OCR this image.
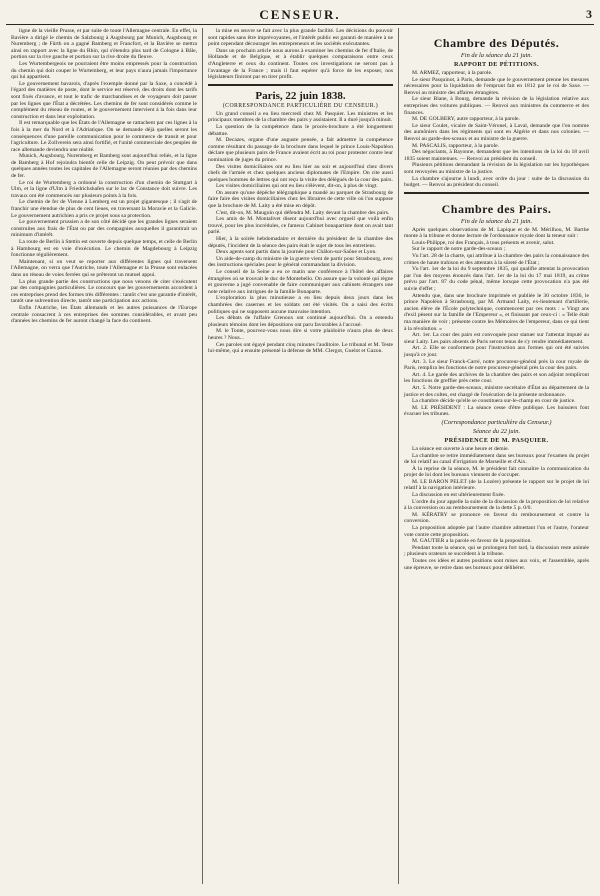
CENSEUR.	3

ligne de la vieille Prusse, et par suite de toute l'Allemagne centrale. En effet, la Bavière a dirigé le chemin de Salzbourg à Augsbourg par Munich, Augsbourg et Nuremberg ; de Fürth on a gagné Bamberg et Francfort, et la Bavière se mettra ainsi en rapport avec la ligne du Rhin, qui s'étendra plus tard de Cologne à Bâle, portion sur la rive gauche et portion sur la rive droite du fleuve.

Les Wurtembergeois ne pourraient être moins empressés pour la construction du chemin qui doit couper le Wurtemberg, et leur pays n'aura jamais l'importance qui lui appartient.

Le gouvernement bavarois, d'après l'exemple donné par la Saxe, a concédé à l'égard des matières de poste, dont le service est réservé, des droits dont les tarifs sont fixés d'avance, et tout le trafic de marchandises et de voyageurs doit passer par les lignes que l'État a décrétées. Les chemins de fer sont considérés comme le complément du réseau de routes, et le gouvernement intervient à la fois dans leur construction et dans leur exploitation.

Il est remarquable que les États de l'Allemagne se rattachent par ces lignes à la fois à la mer du Nord et à l'Adriatique. On se demande déjà quelles seront les conséquences d'une pareille communication pour le commerce de transit et pour l'agriculture. Le Zollverein sera ainsi fortifié, et l'unité commerciale des peuples de race allemande deviendra une réalité.

Munich, Augsbourg, Nuremberg et Bamberg sont aujourd'hui reliés, et la ligne de Bamberg à Hof rejoindra bientôt celle de Leipzig. On peut prévoir que dans quelques années toutes les capitales de l'Allemagne seront réunies par des chemins de fer.

Le roi de Wurtemberg a ordonné la construction d'un chemin de Stuttgart à Ulm, et la ligne d'Ulm à Friedrichshafen sur le lac de Constance doit suivre. Les travaux ont été commencés sur plusieurs points à la fois.

Le chemin de fer de Vienne à Lemberg est un projet gigantesque ; il s'agit de franchir une étendue de plus de cent lieues, en traversant la Moravie et la Galicie. Le gouvernement autrichien a pris ce projet sous sa protection.

Le gouvernement prussien a de son côté décidé que les grandes lignes seraient construites aux frais de l'État ou par des compagnies auxquelles il garantirait un minimum d'intérêt.

La route de Berlin à Stettin est ouverte depuis quelque temps, et celle de Berlin à Hambourg est en voie d'exécution. Le chemin de Magdebourg à Leipzig fonctionne régulièrement.

Maintenant, si on veut se reporter aux différentes lignes qui traversent l'Allemagne, on verra que l'Autriche, toute l'Allemagne et la Prusse sont enlacées dans un réseau de voies ferrées qui se prêteront un mutuel appui.

La plus grande partie des constructions que nous venons de citer s'exécutent par des compagnies particulières. Le concours que les gouvernements accordent à ces entreprises prend des formes très différentes : tantôt c'est une garantie d'intérêt, tantôt une subvention directe, tantôt une participation aux actions.

Enfin l'Autriche, les États allemands et les autres puissances de l'Europe centrale consacrent à ces entreprises des sommes considérables, et avant peu d'années les chemins de fer auront changé la face du continent.

la mise en œuvre se fait avec la plus grande facilité. Les décisions du pouvoir sont rapides sans être imprévoyantes, et l'intérêt public est garanti de manière à ne point cependant décourager les entrepreneurs et les sociétés exécutantes.

Dans un prochain article nous aurons à examiner les chemins de fer d'Italie, de Hollande et de Belgique, et à établir quelques comparaisons entre ceux d'Angleterre et ceux du continent. Toutes ces investigations ne seront pas à l'avantage de la France ; mais il faut espérer qu'à force de les exposer, nos législateurs finiront par en tirer profit.

Paris, 22 juin 1838.
(CORRESPONDANCE PARTICULIÈRE DU CENSEUR.)

Un grand conseil a eu lieu mercredi chez M. Pasquier. Les ministres et les principaux membres de la chambre des pairs y assistaient. Il a duré jusqu'à minuit.

La question de la compétence dans le procès-brochure a été longuement débattue.

M. Decazes, organe d'une auguste pensée, a fait admettre la compétence comme résultant du passage de la brochure dans lequel le prince Louis-Napoléon déclare que plusieurs pairs de France avaient écrit au roi pour protester contre leur nomination de juges du prince.

Des visites domiciliaires ont eu lieu hier au soir et aujourd'hui chez divers chefs de l'armée et chez quelques anciens diplomates de l'Empire. On cite aussi quelques hommes de lettres qui ont reçu la visite des délégués de la cour des pairs.

Les visites domiciliaires qui ont eu lieu s'élèvent, dit-on, à plus de vingt.

On assure qu'une dépêche télégraphique a mandé au parquet de Strasbourg de faire faire des visites domiciliaires chez les libraires de cette ville où l'on suppose que la brochure de M. Laity a été mise en dépôt.

C'est, dit-on, M. Mauguin qui défendra M. Laity devant la chambre des pairs.

Les amis de M. Montalivet disent aujourd'hui avec orgueil que voilà enfin trouvé, pour les plus incrédules, ce fameux Cabinet bonapartiste dont on avait tant parlé.

Hier, à la soirée hebdomadaire et dernière du président de la chambre des députés, l'incident de la séance des pairs était le sujet de tous les entretiens.

Deux agents sont partis dans la journée pour Châlon-sur-Saône et Lyon.

Un aide-de-camp du ministre de la guerre vient de partir pour Strasbourg, avec des instructions spéciales pour le général commandant la division.

Le conseil de la Seine a eu ce matin une conférence à l'hôtel des affaires étrangères où se trouvait le duc de Montebello. On assure que la volonté qui règne et gouverne a jugé convenable de faire communiquer aux cabinets étrangers une note relative aux intrigues de la famille Bonaparte.

L'exploration la plus minutieuse a eu lieu depuis deux jours dans les chambrées des casernes et les soldats ont été visités. On a saisi des écrits politiques qui ne supposent aucune mauvaise intention.

Les débats de l'affaire Grenoux ont continué aujourd'hui. On a entendu plusieurs témoins dont les dépositions ont paru favorables à l'accusé.

M. le Tonte, pourvez-vous nous dire si votre plaidoirie n'aura plus de deux heures ? Nous...

Ces paroles ont égayé pendant cinq minutes l'auditoire. Le tribunal et M. Teste lui-même, qui a ensuite présenté la défense de MM. Clergot, Guelot et Gazon.

Chambre des Députés.
Fin de la séance du 21 juin.
RAPPORT DE PÉTITIONS.

M. ARMEZ, rapporteur, à la parole.

Le sieur Pasquinot, à Paris, demande que le gouvernement prenne les mesures nécessaires pour la liquidation de l'emprunt fait en 1812 par le roi de Saxe. — Renvoi au ministre des affaires étrangères.

Le sieur Biane, à Bourg, demande la révision de la législation relative aux entreprises des voitures publiques. — Renvoi aux ministres du commerce et des finances.

M. DE GOLBERY, autre rapporteur, à la parole.

Le sieur Coulet, vicaire de Saint-Véronel, à Laval, demande que l'on nomme des aumôniers dans les régiments qui sont en Algérie et dans nos colonies. — Renvoi au garde-des-sceaux et au ministre de la guerre.

M. PASCALIS, rapporteur, à la parole.

Des négociants, à Bayonne, demandent que les intentions de la loi du 18 avril 1835 soient maintenues. — Renvoi au président du conseil.

Plusieurs pétitions demandant la révision de la législation sur les hypothèques sont renvoyées au ministre de la justice.

La chambre s'ajourne à lundi, avec ordre du jour : suite de la discussion du budget. — Renvoi au président du conseil.

Chambre des Pairs.
Fin de la séance du 21 juin.

Après quelques observations de M. Lapique et de M. Mérilhou, M. Barthe monte à la tribune et donne lecture de l'ordonnance royale dont la teneur suit :

Louis-Philippe, roi des Français, à tous présents et avenir, salut.

Sur le rapport de notre garde-des-sceaux ;

Vu l'art. 28 de la charte, qui attribue à la chambre des pairs la connaissance des crimes de haute trahison et des attentats à la sûreté de l'État ;

Vu l'art. 1er de la loi du 9 septembre 1835, qui qualifie attentat la provocation par l'un des moyens énoncés dans l'art. 1er de la loi du 17 mai 1819, au crime prévu par l'art. 87 du code pénal, même lorsque cette provocation n'a pas été suivie d'effet ;

Attendu que, dans une brochure imprimée et publiée le 30 octobre 1836, le prince Napoléon à Strasbourg, par M. Armand Laity, ex-lieutenant d'artillerie, ancien élève de l'École polytechnique, commencent par ces mots : « Vingt ans d'exil pèsent sur la famille de l'Empereur », et finissant par ceux-ci : « Telle était ma manière de voir ; présente contre les Mémoires de l'empereur, dans ce qui tient à la révolution. »

Art. 1er. La cour des pairs est convoquée pour statuer sur l'attentat imputé au sieur Laity. Les pairs absents de Paris seront tenus de s'y rendre immédiatement.

Art. 2. Elle se conformera pour l'instruction aux formes qui ont été suivies jusqu'à ce jour.

Art. 3. Le sieur Franck-Carré, notre procureur-général près la cour royale de Paris, remplira les fonctions de notre procureur-général près la cour des pairs.

Art. 4. Le garde des archives de la chambre des pairs et son adjoint rempliront les fonctions de greffier près cette cour.

Art. 5. Notre garde-des-sceaux, ministre secrétaire d'État au département de la justice et des cultes, est chargé de l'exécution de la présente ordonnance.

La chambre décide qu'elle se constituera sur-le-champ en cour de justice.

M. LE PRÉSIDENT : La séance cesse d'être publique. Les huissiers font évacuer les tribunes.

(Correspondance particulière du Censeur.)
Séance du 22 juin.
PRÉSIDENCE DE M. PASQUIER.

La séance est ouverte à une heure et demie.

La chambre se retire immédiatement dans ses bureaux pour l'examen du projet de loi relatif au canal d'irrigation de Marseille et d'Aix.

À la reprise de la séance, M. le président fait connaître la communication du projet de loi dont les bureaux viennent de s'occuper.

M. LE BARON PELET (de la Lozère) présente le rapport sur le projet de loi relatif à la navigation intérieure.

La discussion en est ultérieurement fixée.

L'ordre du jour appelle la suite de la discussion de la proposition de loi relative à la conversion ou au remboursement de la dette 5 p. 0/0.

M. KÉRATRY se prononce en faveur du remboursement et contre la conversion.

La proposition adoptée par l'autre chambre admettant l'un et l'autre, l'orateur vote contre cette proposition.

M. GAUTIER a la parole en faveur de la proposition.

Pendant toute la séance, qui se prolongera fort tard, la discussion reste animée ; plusieurs orateurs se succèdent à la tribune.

Toutes ces idées et autres positions sont mises aux voix, et l'assemblée, après une épreuve, se retire dans ses bureaux pour délibérer.
